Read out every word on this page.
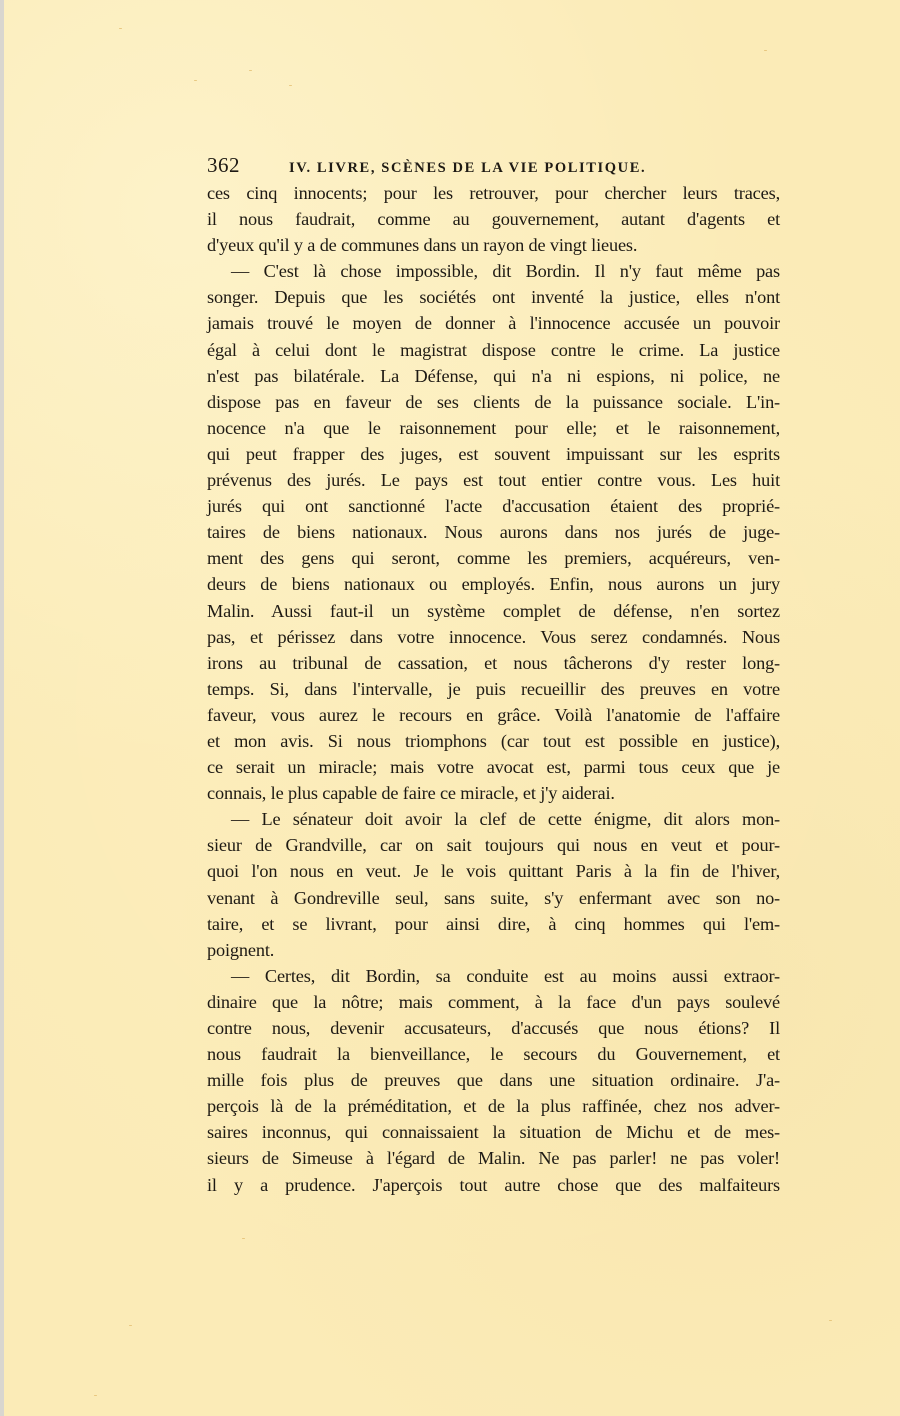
362	IV. LIVRE, SCÈNES DE LA VIE POLITIQUE.
ces cinq innocents; pour les retrouver, pour chercher leurs traces,
il nous faudrait, comme au gouvernement, autant d'agents et
d'yeux qu'il y a de communes dans un rayon de vingt lieues.
— C'est là chose impossible, dit Bordin. Il n'y faut même pas
songer. Depuis que les sociétés ont inventé la justice, elles n'ont
jamais trouvé le moyen de donner à l'innocence accusée un pouvoir
égal à celui dont le magistrat dispose contre le crime. La justice
n'est pas bilatérale. La Défense, qui n'a ni espions, ni police, ne
dispose pas en faveur de ses clients de la puissance sociale. L'in-
nocence n'a que le raisonnement pour elle; et le raisonnement,
qui peut frapper des juges, est souvent impuissant sur les esprits
prévenus des jurés. Le pays est tout entier contre vous. Les huit
jurés qui ont sanctionné l'acte d'accusation étaient des proprié-
taires de biens nationaux. Nous aurons dans nos jurés de juge-
ment des gens qui seront, comme les premiers, acquéreurs, ven-
deurs de biens nationaux ou employés. Enfin, nous aurons un jury
Malin. Aussi faut-il un système complet de défense, n'en sortez
pas, et périssez dans votre innocence. Vous serez condamnés. Nous
irons au tribunal de cassation, et nous tâcherons d'y rester long-
temps. Si, dans l'intervalle, je puis recueillir des preuves en votre
faveur, vous aurez le recours en grâce. Voilà l'anatomie de l'affaire
et mon avis. Si nous triomphons (car tout est possible en justice),
ce serait un miracle; mais votre avocat est, parmi tous ceux que je
connais, le plus capable de faire ce miracle, et j'y aiderai.
— Le sénateur doit avoir la clef de cette énigme, dit alors mon-
sieur de Grandville, car on sait toujours qui nous en veut et pour-
quoi l'on nous en veut. Je le vois quittant Paris à la fin de l'hiver,
venant à Gondreville seul, sans suite, s'y enfermant avec son no-
taire, et se livrant, pour ainsi dire, à cinq hommes qui l'em-
poignent.
— Certes, dit Bordin, sa conduite est au moins aussi extraor-
dinaire que la nôtre; mais comment, à la face d'un pays soulevé
contre nous, devenir accusateurs, d'accusés que nous étions? Il
nous faudrait la bienveillance, le secours du Gouvernement, et
mille fois plus de preuves que dans une situation ordinaire. J'a-
perçois là de la préméditation, et de la plus raffinée, chez nos adver-
saires inconnus, qui connaissaient la situation de Michu et de mes-
sieurs de Simeuse à l'égard de Malin. Ne pas parler! ne pas voler!
il y a prudence. J'aperçois tout autre chose que des malfaiteurs
